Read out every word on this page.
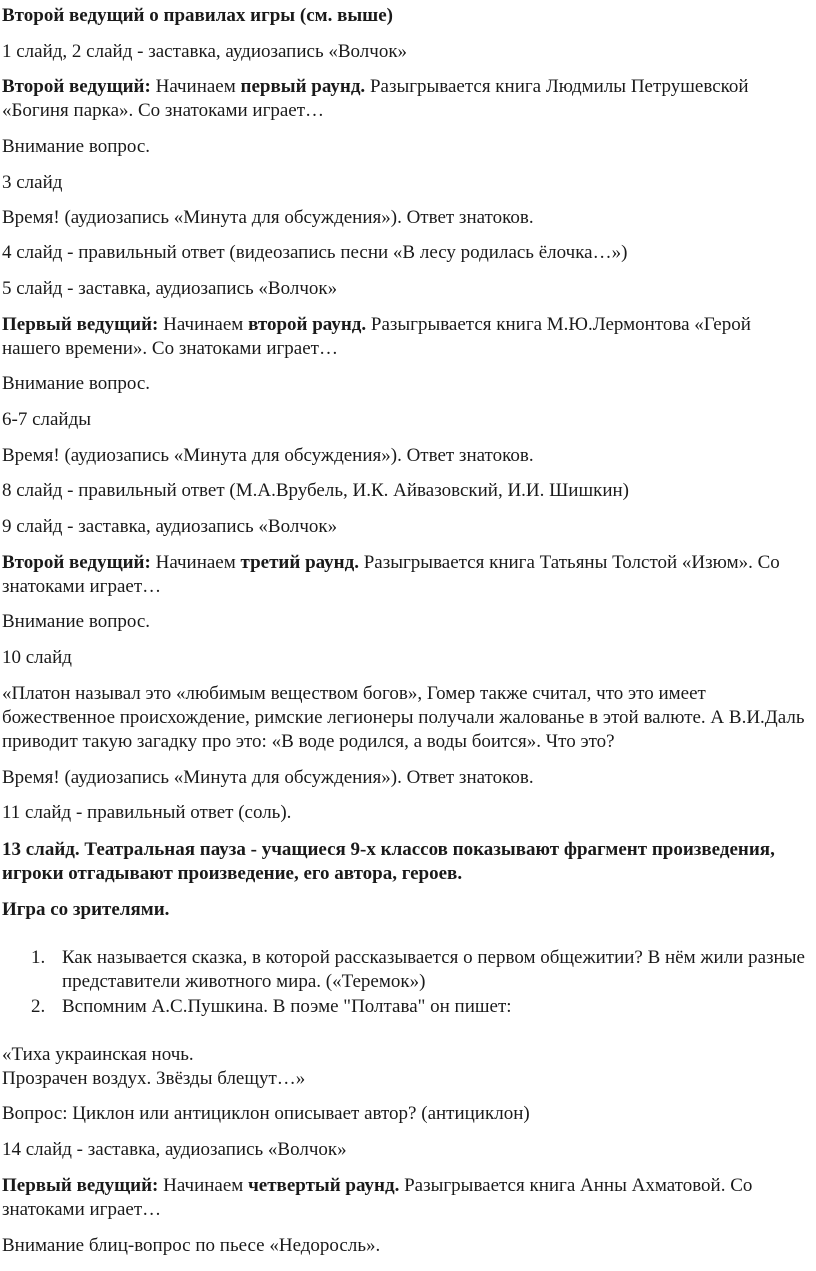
Второй ведущий о правилах игры (см. выше)

1 слайд, 2 слайд - заставка, аудиозапись «Волчок»

Второй ведущий: Начинаем первый раунд. Разыгрывается книга Людмилы Петрушевской «Богиня парка». Со знатоками играет…

Внимание вопрос.

3 слайд

Время! (аудиозапись «Минута для обсуждения»). Ответ знатоков.

4 слайд - правильный ответ (видеозапись песни «В лесу родилась ёлочка…»)

5 слайд - заставка, аудиозапись «Волчок»

Первый ведущий: Начинаем второй раунд. Разыгрывается книга М.Ю.Лермонтова «Герой нашего времени». Со знатоками играет…

Внимание вопрос.

6-7 слайды

Время! (аудиозапись «Минута для обсуждения»). Ответ знатоков.

8 слайд - правильный ответ (М.А.Врубель, И.К. Айвазовский, И.И. Шишкин)

9 слайд - заставка, аудиозапись «Волчок»

Второй ведущий: Начинаем третий раунд. Разыгрывается книга Татьяны Толстой «Изюм». Со знатоками играет…

Внимание вопрос.

10 слайд

«Платон называл это «любимым веществом богов», Гомер также считал, что это имеет божественное происхождение, римские легионеры получали жалованье в этой валюте. А В.И.Даль приводит такую загадку про это: «В воде родился, а воды боится». Что это?

Время! (аудиозапись «Минута для обсуждения»). Ответ знатоков.

11 слайд - правильный ответ (соль).

13 слайд. Театральная пауза - учащиеся 9-х классов показывают фрагмент произведения, игроки отгадывают произведение, его автора, героев.

Игра со зрителями.

1. Как называется сказка, в которой рассказывается о первом общежитии? В нём жили разные представители животного мира. («Теремок»)
2. Вспомним А.С.Пушкина. В поэме "Полтава" он пишет:

«Тиха украинская ночь.
Прозрачен воздух. Звёзды блещут…»

Вопрос: Циклон или антициклон описывает автор? (антициклон)

14 слайд - заставка, аудиозапись «Волчок»

Первый ведущий: Начинаем четвертый раунд. Разыгрывается книга Анны Ахматовой. Со знатоками играет…

Внимание блиц-вопрос по пьесе «Недоросль».
